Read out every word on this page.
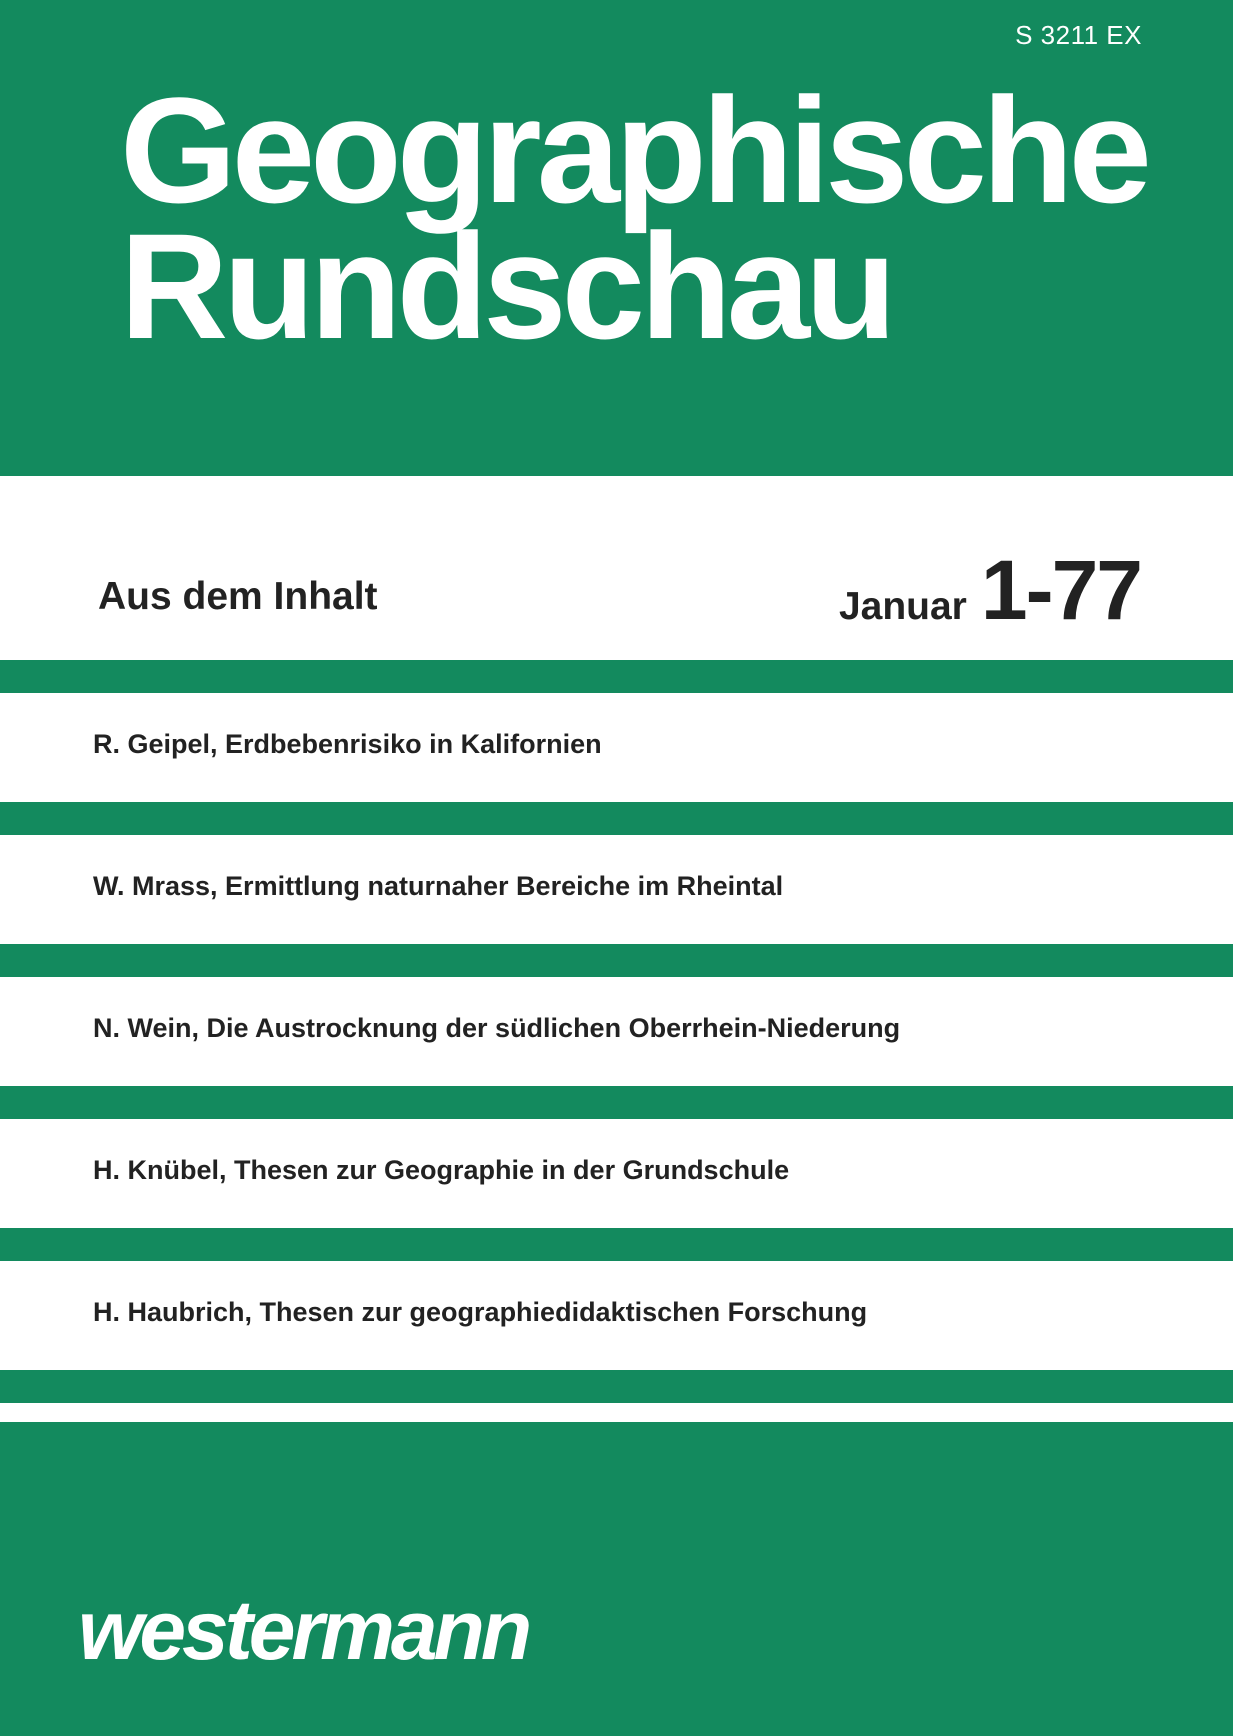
S 3211 EX
Geographische
Rundschau
Aus dem Inhalt	Januar 1-77
R. Geipel, Erdbebenrisiko in Kalifornien
W. Mrass, Ermittlung naturnaher Bereiche im Rheintal
N. Wein, Die Austrocknung der südlichen Oberrhein-Niederung
H. Knübel, Thesen zur Geographie in der Grundschule
H. Haubrich, Thesen zur geographiedidaktischen Forschung
westermann
